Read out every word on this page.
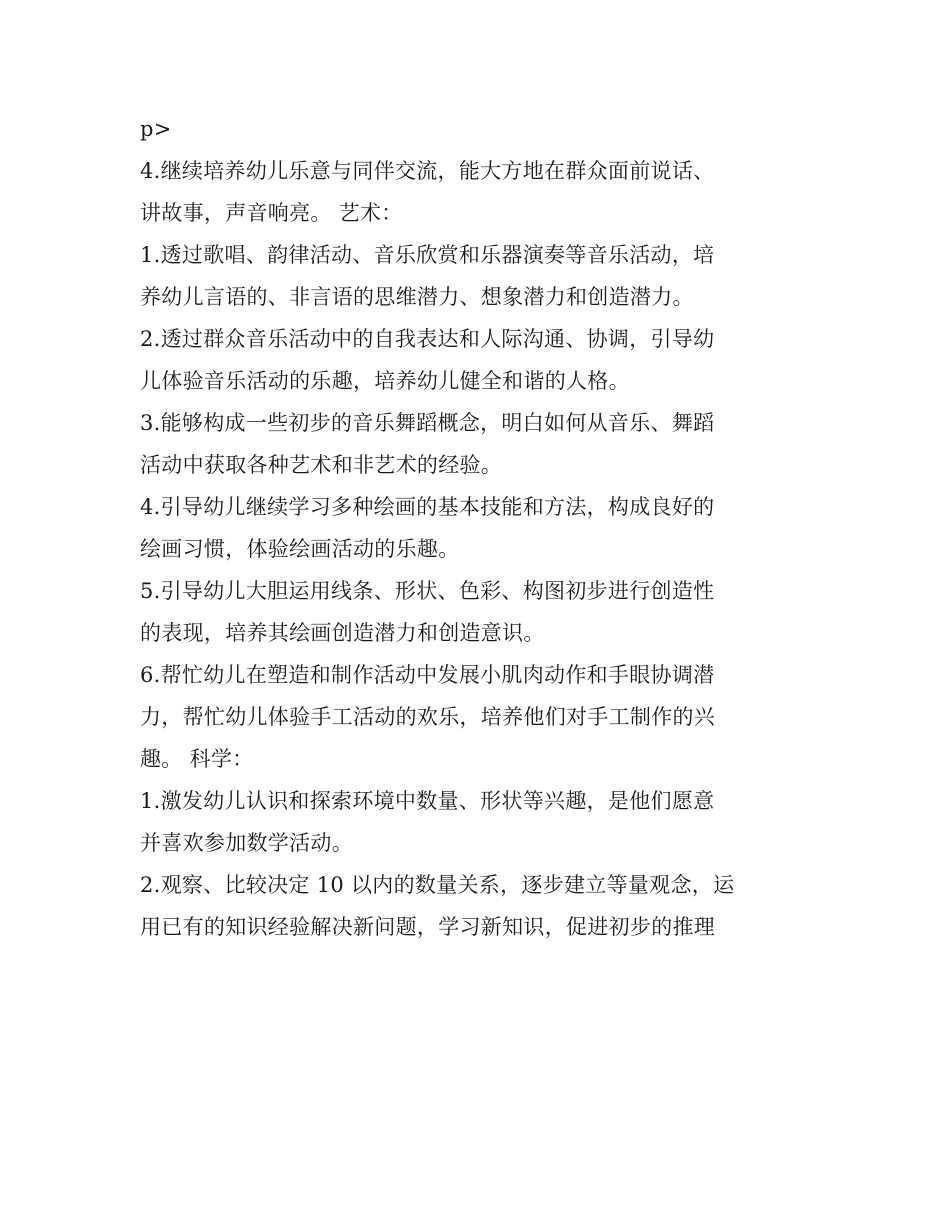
p>
4.继续培养幼儿乐意与同伴交流，能大方地在群众面前说话、
讲故事，声音响亮。 艺术：
1.透过歌唱、韵律活动、音乐欣赏和乐器演奏等音乐活动，培
养幼儿言语的、非言语的思维潜力、想象潜力和创造潜力。
2.透过群众音乐活动中的自我表达和人际沟通、协调，引导幼
儿体验音乐活动的乐趣，培养幼儿健全和谐的人格。
3.能够构成一些初步的音乐舞蹈概念，明白如何从音乐、舞蹈
活动中获取各种艺术和非艺术的经验。
4.引导幼儿继续学习多种绘画的基本技能和方法，构成良好的
绘画习惯，体验绘画活动的乐趣。
5.引导幼儿大胆运用线条、形状、色彩、构图初步进行创造性
的表现，培养其绘画创造潜力和创造意识。
6.帮忙幼儿在塑造和制作活动中发展小肌肉动作和手眼协调潜
力，帮忙幼儿体验手工活动的欢乐，培养他们对手工制作的兴
趣。 科学：
1.激发幼儿认识和探索环境中数量、形状等兴趣，是他们愿意
并喜欢参加数学活动。
2.观察、比较决定 10 以内的数量关系，逐步建立等量观念，运
用已有的知识经验解决新问题，学习新知识，促进初步的推理
